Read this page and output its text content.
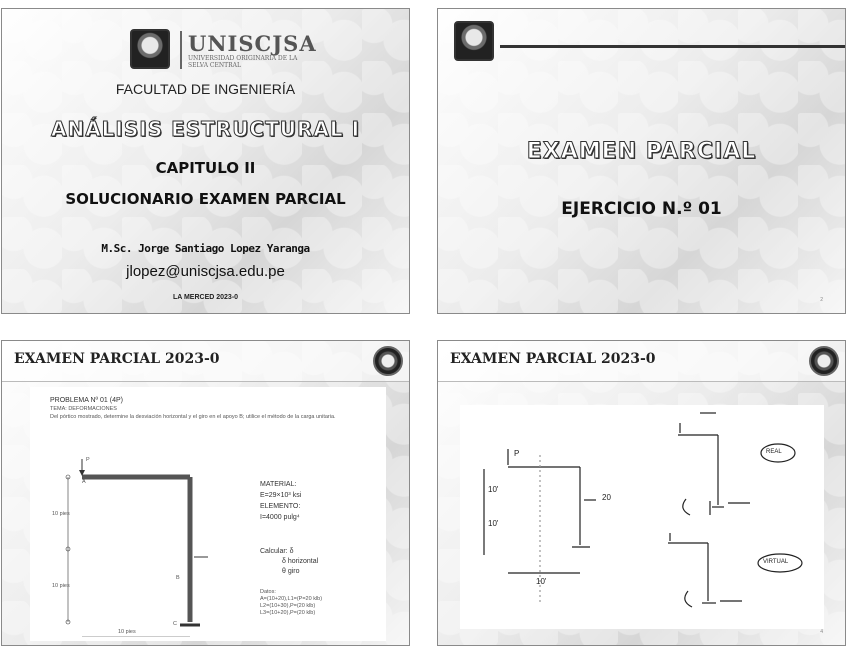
UNISCJSA
UNIVERSIDAD ORIGINARIA DE LA SELVA CENTRAL
FACULTAD DE INGENIERÍA
ANÁLISIS ESTRUCTURAL I
CAPITULO II
SOLUCIONARIO EXAMEN PARCIAL
M.Sc. Jorge Santiago Lopez Yaranga
jlopez@uniscjsa.edu.pe
LA MERCED 2023-0
EXAMEN PARCIAL
EJERCICIO N.º 01
2
EXAMEN PARCIAL 2023-0
PROBLEMA Nº 01 (4P)
TEMA: DEFORMACIONES
Del pórtico mostrado, determine la desviación horizontal y el giro en el apoyo B; utilice el método de la carga unitaria.
P
A
B
C
10 pies
10 pies
10 pies
MATERIAL:
E=29×10³ ksi
ELEMENTO:
I=4000 pulg⁴
Calcular: δ
δ horizontal
θ giro
Datos:
A=(10+20),L1=(P=20 klb)
L2=(10+30),P=(20 klb)
L3=(10+20),P=(20 klb)
EXAMEN PARCIAL 2023-0
P
20
10'
10'
10'
REAL
VIRTUAL
4
